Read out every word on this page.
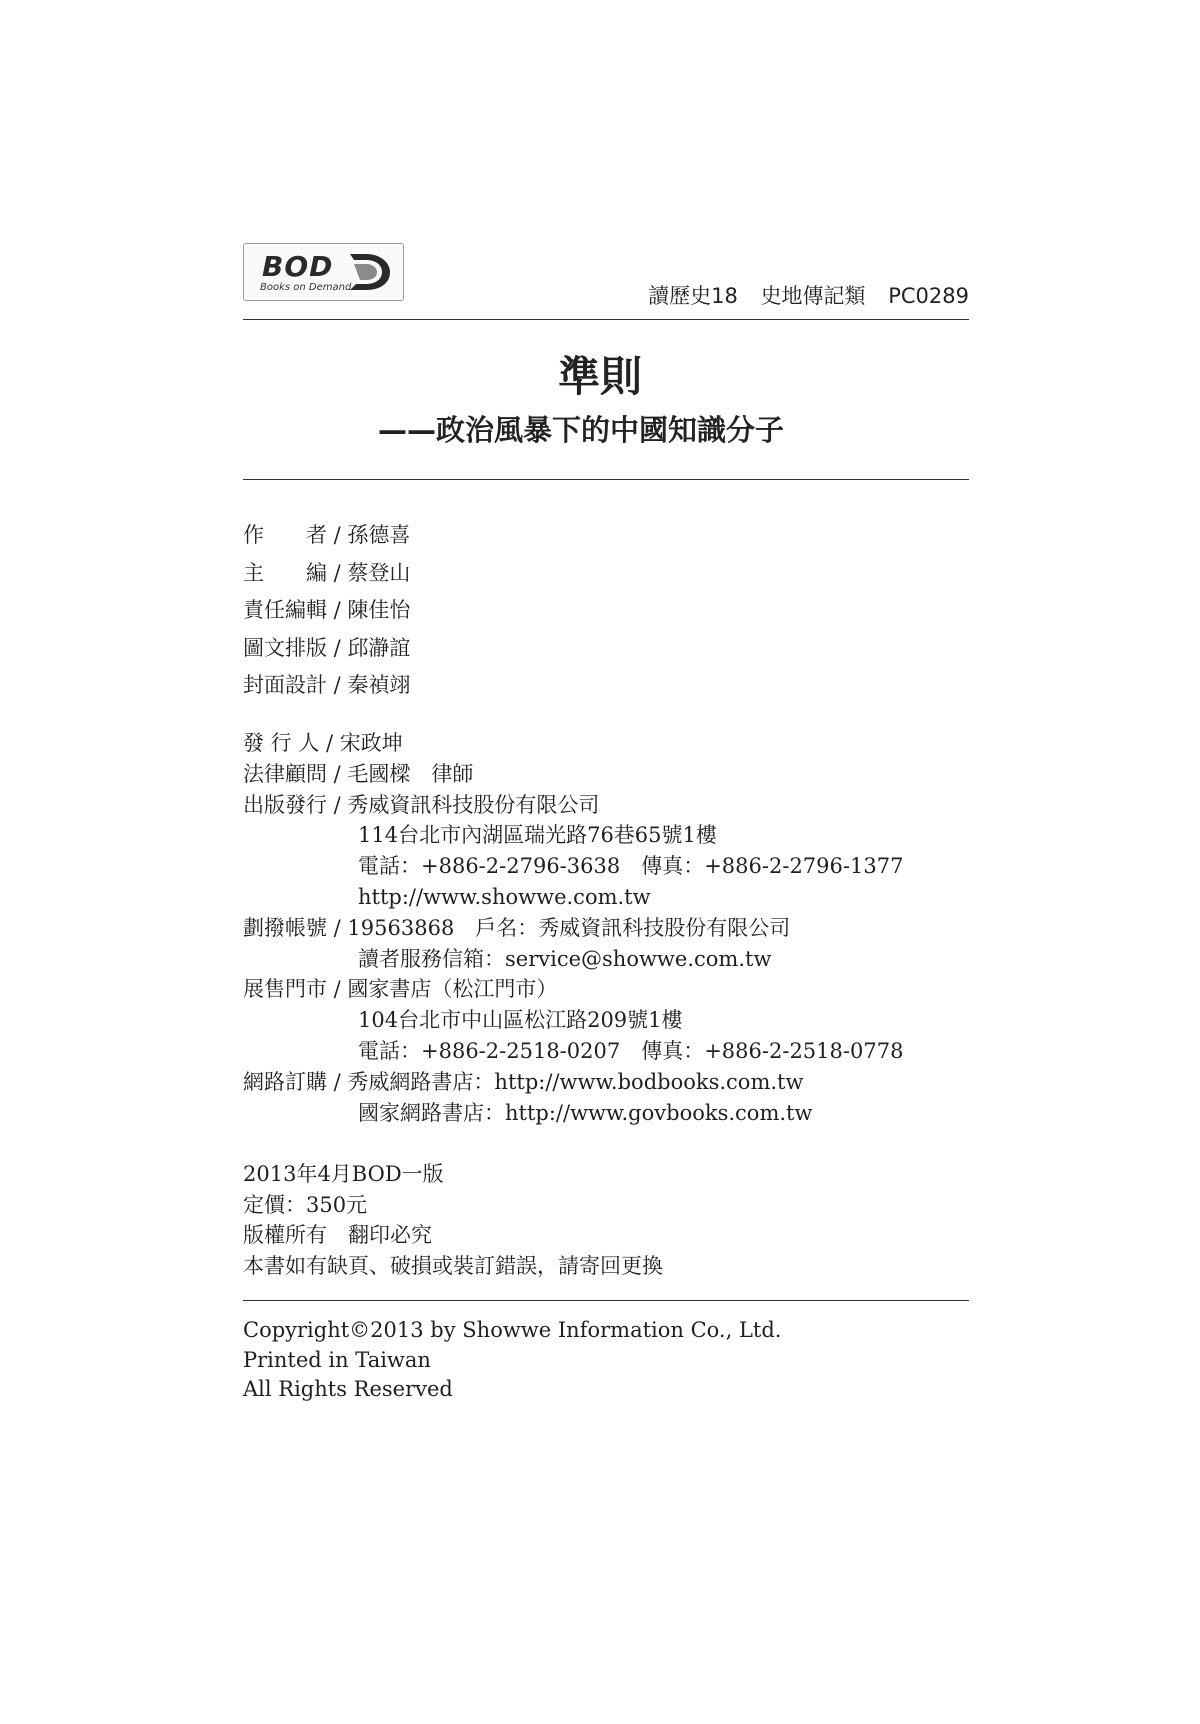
BOD
Books on Demand	讀歷史18 史地傳記類 PC0289
準則
——政治風暴下的中國知識分子
作　　者 / 孫德喜
主　　編 / 蔡登山
責任編輯 / 陳佳怡
圖文排版 / 邱瀞誼
封面設計 / 秦禎翊
發 行 人 / 宋政坤
法律顧問 / 毛國樑　律師
出版發行 / 秀威資訊科技股份有限公司
114台北市內湖區瑞光路76巷65號1樓
電話：+886-2-2796-3638　傳真：+886-2-2796-1377
http://www.showwe.com.tw
劃撥帳號 / 19563868　戶名：秀威資訊科技股份有限公司
讀者服務信箱：service@showwe.com.tw
展售門市 / 國家書店（松江門市）
104台北市中山區松江路209號1樓
電話：+886-2-2518-0207　傳真：+886-2-2518-0778
網路訂購 / 秀威網路書店：http://www.bodbooks.com.tw
國家網路書店：http://www.govbooks.com.tw
2013年4月BOD一版
定價：350元
版權所有　翻印必究
本書如有缺頁、破損或裝訂錯誤，請寄回更換
Copyright©2013 by Showwe Information Co., Ltd.
Printed in Taiwan
All Rights Reserved
